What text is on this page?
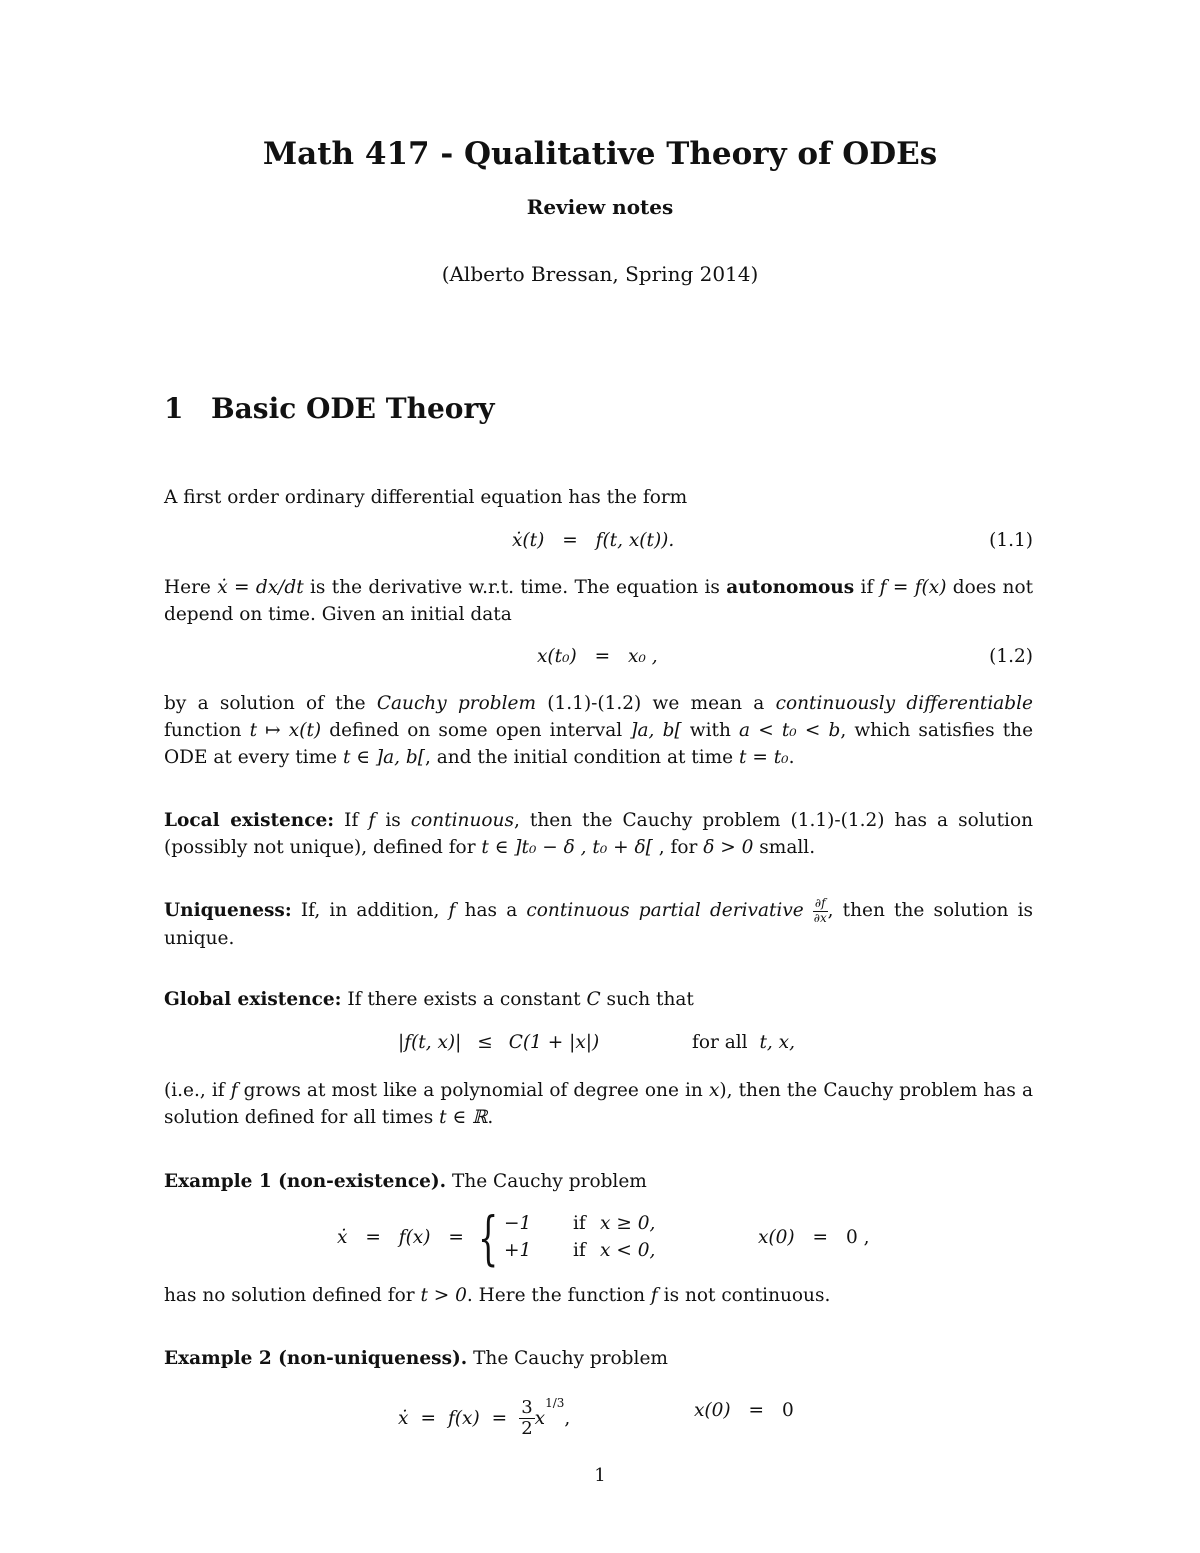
Math 417 - Qualitative Theory of ODEs
Review notes
(Alberto Bressan, Spring 2014)
1 Basic ODE Theory
A first order ordinary differential equation has the form
ẋ(t) = f(t, x(t)).	(1.1)
Here ẋ = dx/dt is the derivative w.r.t. time. The equation is autonomous if f = f(x) does not depend on time. Given an initial data
x(t₀) = x₀ ,	(1.2)
by a solution of the Cauchy problem (1.1)-(1.2) we mean a continuously differentiable function t ↦ x(t) defined on some open interval ]a, b[ with a < t₀ < b, which satisfies the ODE at every time t ∈ ]a, b[, and the initial condition at time t = t₀.
Local existence: If f is continuous, then the Cauchy problem (1.1)-(1.2) has a solution (possibly not unique), defined for t ∈ ]t₀ − δ , t₀ + δ[ , for δ > 0 small.
Uniqueness: If, in addition, f has a continuous partial derivative $\frac{\partial f}{\partial x}$ , then the solution is unique.
Global existence: If there exists a constant C such that
|f(t, x)| ≤ C(1 + |x|)	for all t, x,
(i.e., if f grows at most like a polynomial of degree one in x), then the Cauchy problem has a solution defined for all times t ∈ ℝ.
Example 1 (non-existence). The Cauchy problem
ẋ = f(x) = { −1 if x ≥ 0,
+1 if x < 0,
x(0) = 0 ,
has no solution defined for t > 0. Here the function f is not continuous.
Example 2 (non-uniqueness). The Cauchy problem
ẋ = $f(x) = \frac{3}{2}$ x
$^{1/3}$
,	x(0) = 0
1
